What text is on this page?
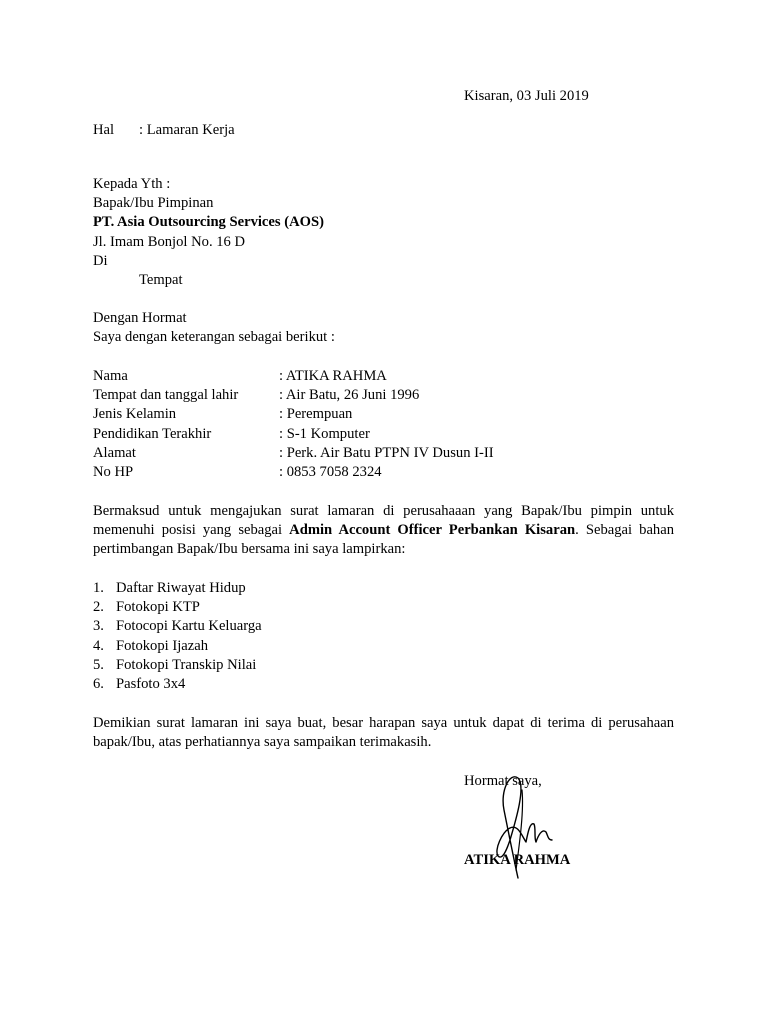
Kisaran, 03 Juli 2019
Hal : Lamaran Kerja
Kepada Yth :
Bapak/Ibu Pimpinan
PT. Asia Outsourcing Services (AOS)
Jl. Imam Bonjol No. 16 D
Di
Tempat
Dengan Hormat
Saya dengan keterangan sebagai berikut :
Nama	: ATIKA RAHMA
Tempat dan tanggal lahir	: Air Batu, 26 Juni 1996
Jenis Kelamin	: Perempuan
Pendidikan Terakhir	: S-1 Komputer
Alamat	: Perk. Air Batu PTPN IV Dusun I-II
No HP	: 0853 7058 2324
Bermaksud untuk mengajukan surat lamaran di perusahaaan yang Bapak/Ibu pimpin untuk
memenuhi posisi yang sebagai Admin Account Officer Perbankan Kisaran. Sebagai bahan
pertimbangan Bapak/Ibu bersama ini saya lampirkan:
1. Daftar Riwayat Hidup
2. Fotokopi KTP
3. Fotocopi Kartu Keluarga
4. Fotokopi Ijazah
5. Fotokopi Transkip Nilai
6. Pasfoto 3x4
Demikian surat lamaran ini saya buat, besar harapan saya untuk dapat di terima di perusahaan
bapak/Ibu, atas perhatiannya saya sampaikan terimakasih.
Hormat saya,
ATIKA RAHMA
